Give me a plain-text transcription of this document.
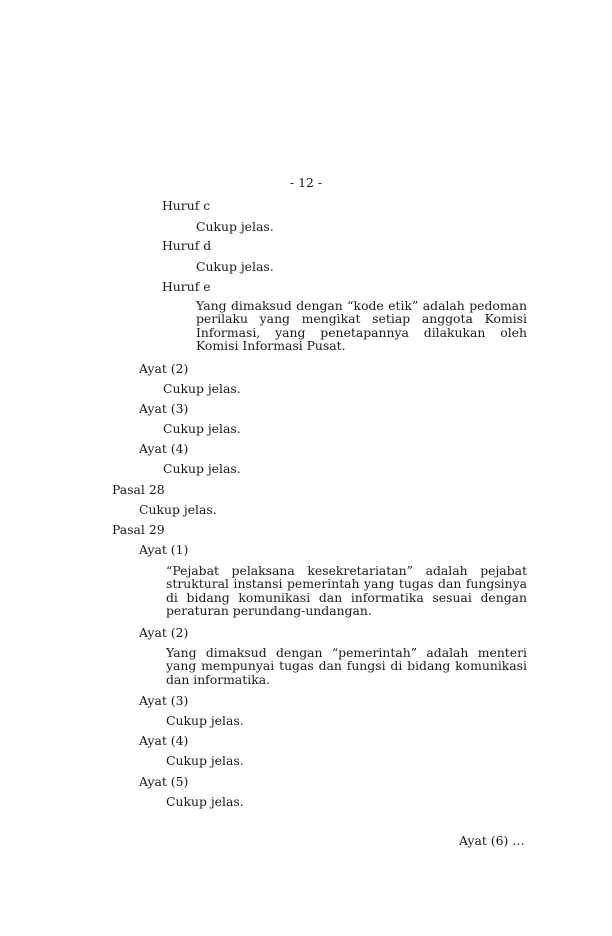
- 12 -

Huruf c

Cukup jelas.

Huruf d

Cukup jelas.

Huruf e

Yang dimaksud dengan “kode etik” adalah pedoman perilaku yang mengikat setiap anggota Komisi Informasi, yang penetapannya dilakukan oleh Komisi Informasi Pusat.

Ayat (2)

Cukup jelas.

Ayat (3)

Cukup jelas.

Ayat (4)

Cukup jelas.

Pasal 28

Cukup jelas.

Pasal 29

Ayat (1)

“Pejabat pelaksana kesekretariatan” adalah pejabat struktural instansi pemerintah yang tugas dan fungsinya di bidang komunikasi dan informatika sesuai dengan peraturan perundang-undangan.

Ayat (2)

Yang dimaksud dengan “pemerintah” adalah menteri yang mempunyai tugas dan fungsi di bidang komunikasi dan informatika.

Ayat (3)

Cukup jelas.

Ayat (4)

Cukup jelas.

Ayat (5)

Cukup jelas.

Ayat (6) …
